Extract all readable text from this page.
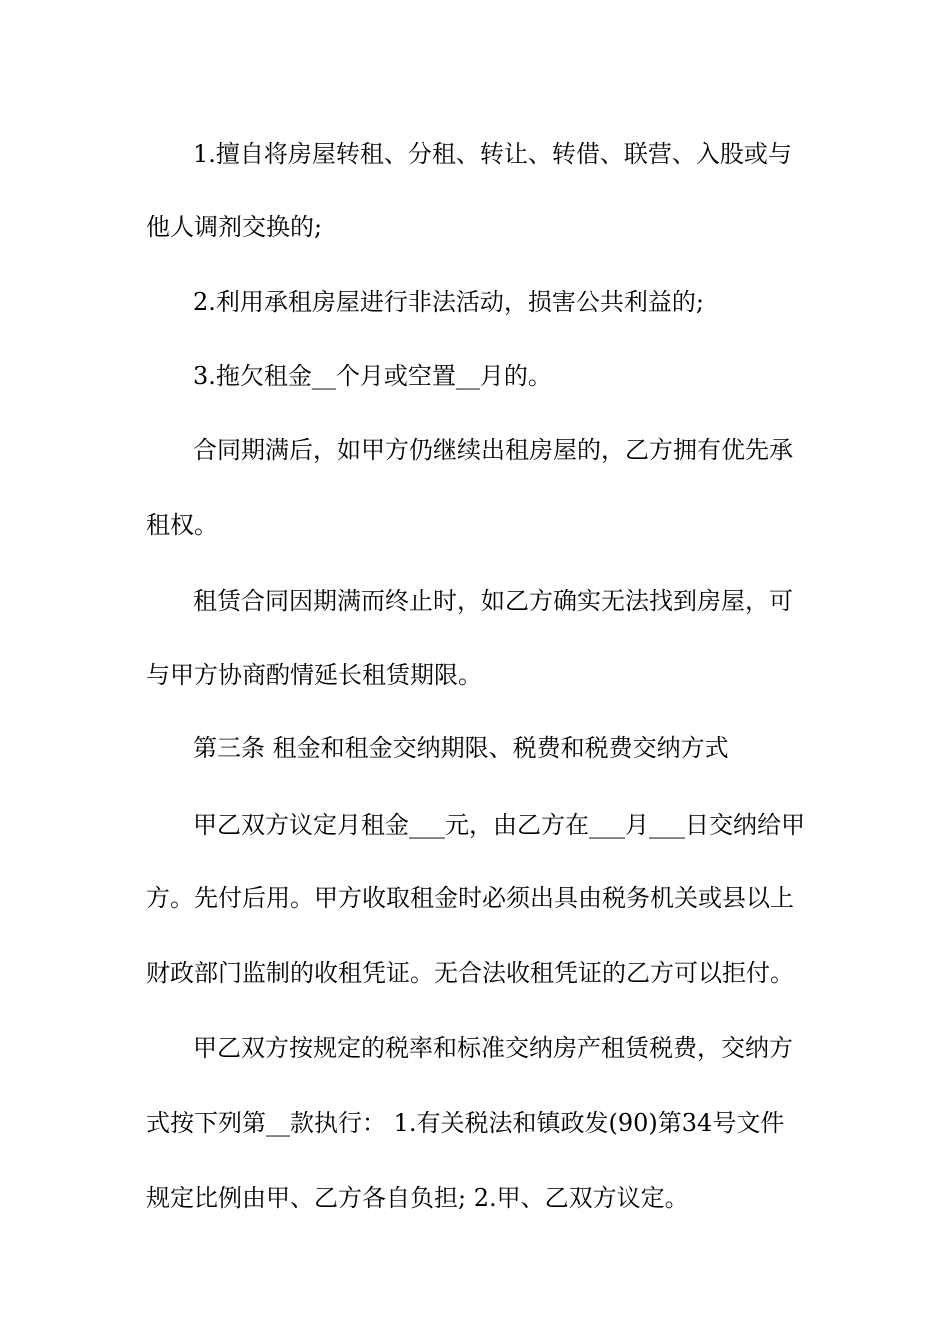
1.擅自将房屋转租、分租、转让、转借、联营、入股或与
他人调剂交换的;
2.利用承租房屋进行非法活动，损害公共利益的;
3.拖欠租金__个月或空置__月的。
合同期满后，如甲方仍继续出租房屋的，乙方拥有优先承
租权。
租赁合同因期满而终止时，如乙方确实无法找到房屋，可
与甲方协商酌情延长租赁期限。
第三条 租金和租金交纳期限、税费和税费交纳方式
甲乙双方议定月租金___元，由乙方在___月___日交纳给甲
方。先付后用。甲方收取租金时必须出具由税务机关或县以上
财政部门监制的收租凭证。无合法收租凭证的乙方可以拒付。
甲乙双方按规定的税率和标准交纳房产租赁税费，交纳方
式按下列第__款执行： 1.有关税法和镇政发(90)第34号文件
规定比例由甲、乙方各自负担; 2.甲、乙双方议定。
